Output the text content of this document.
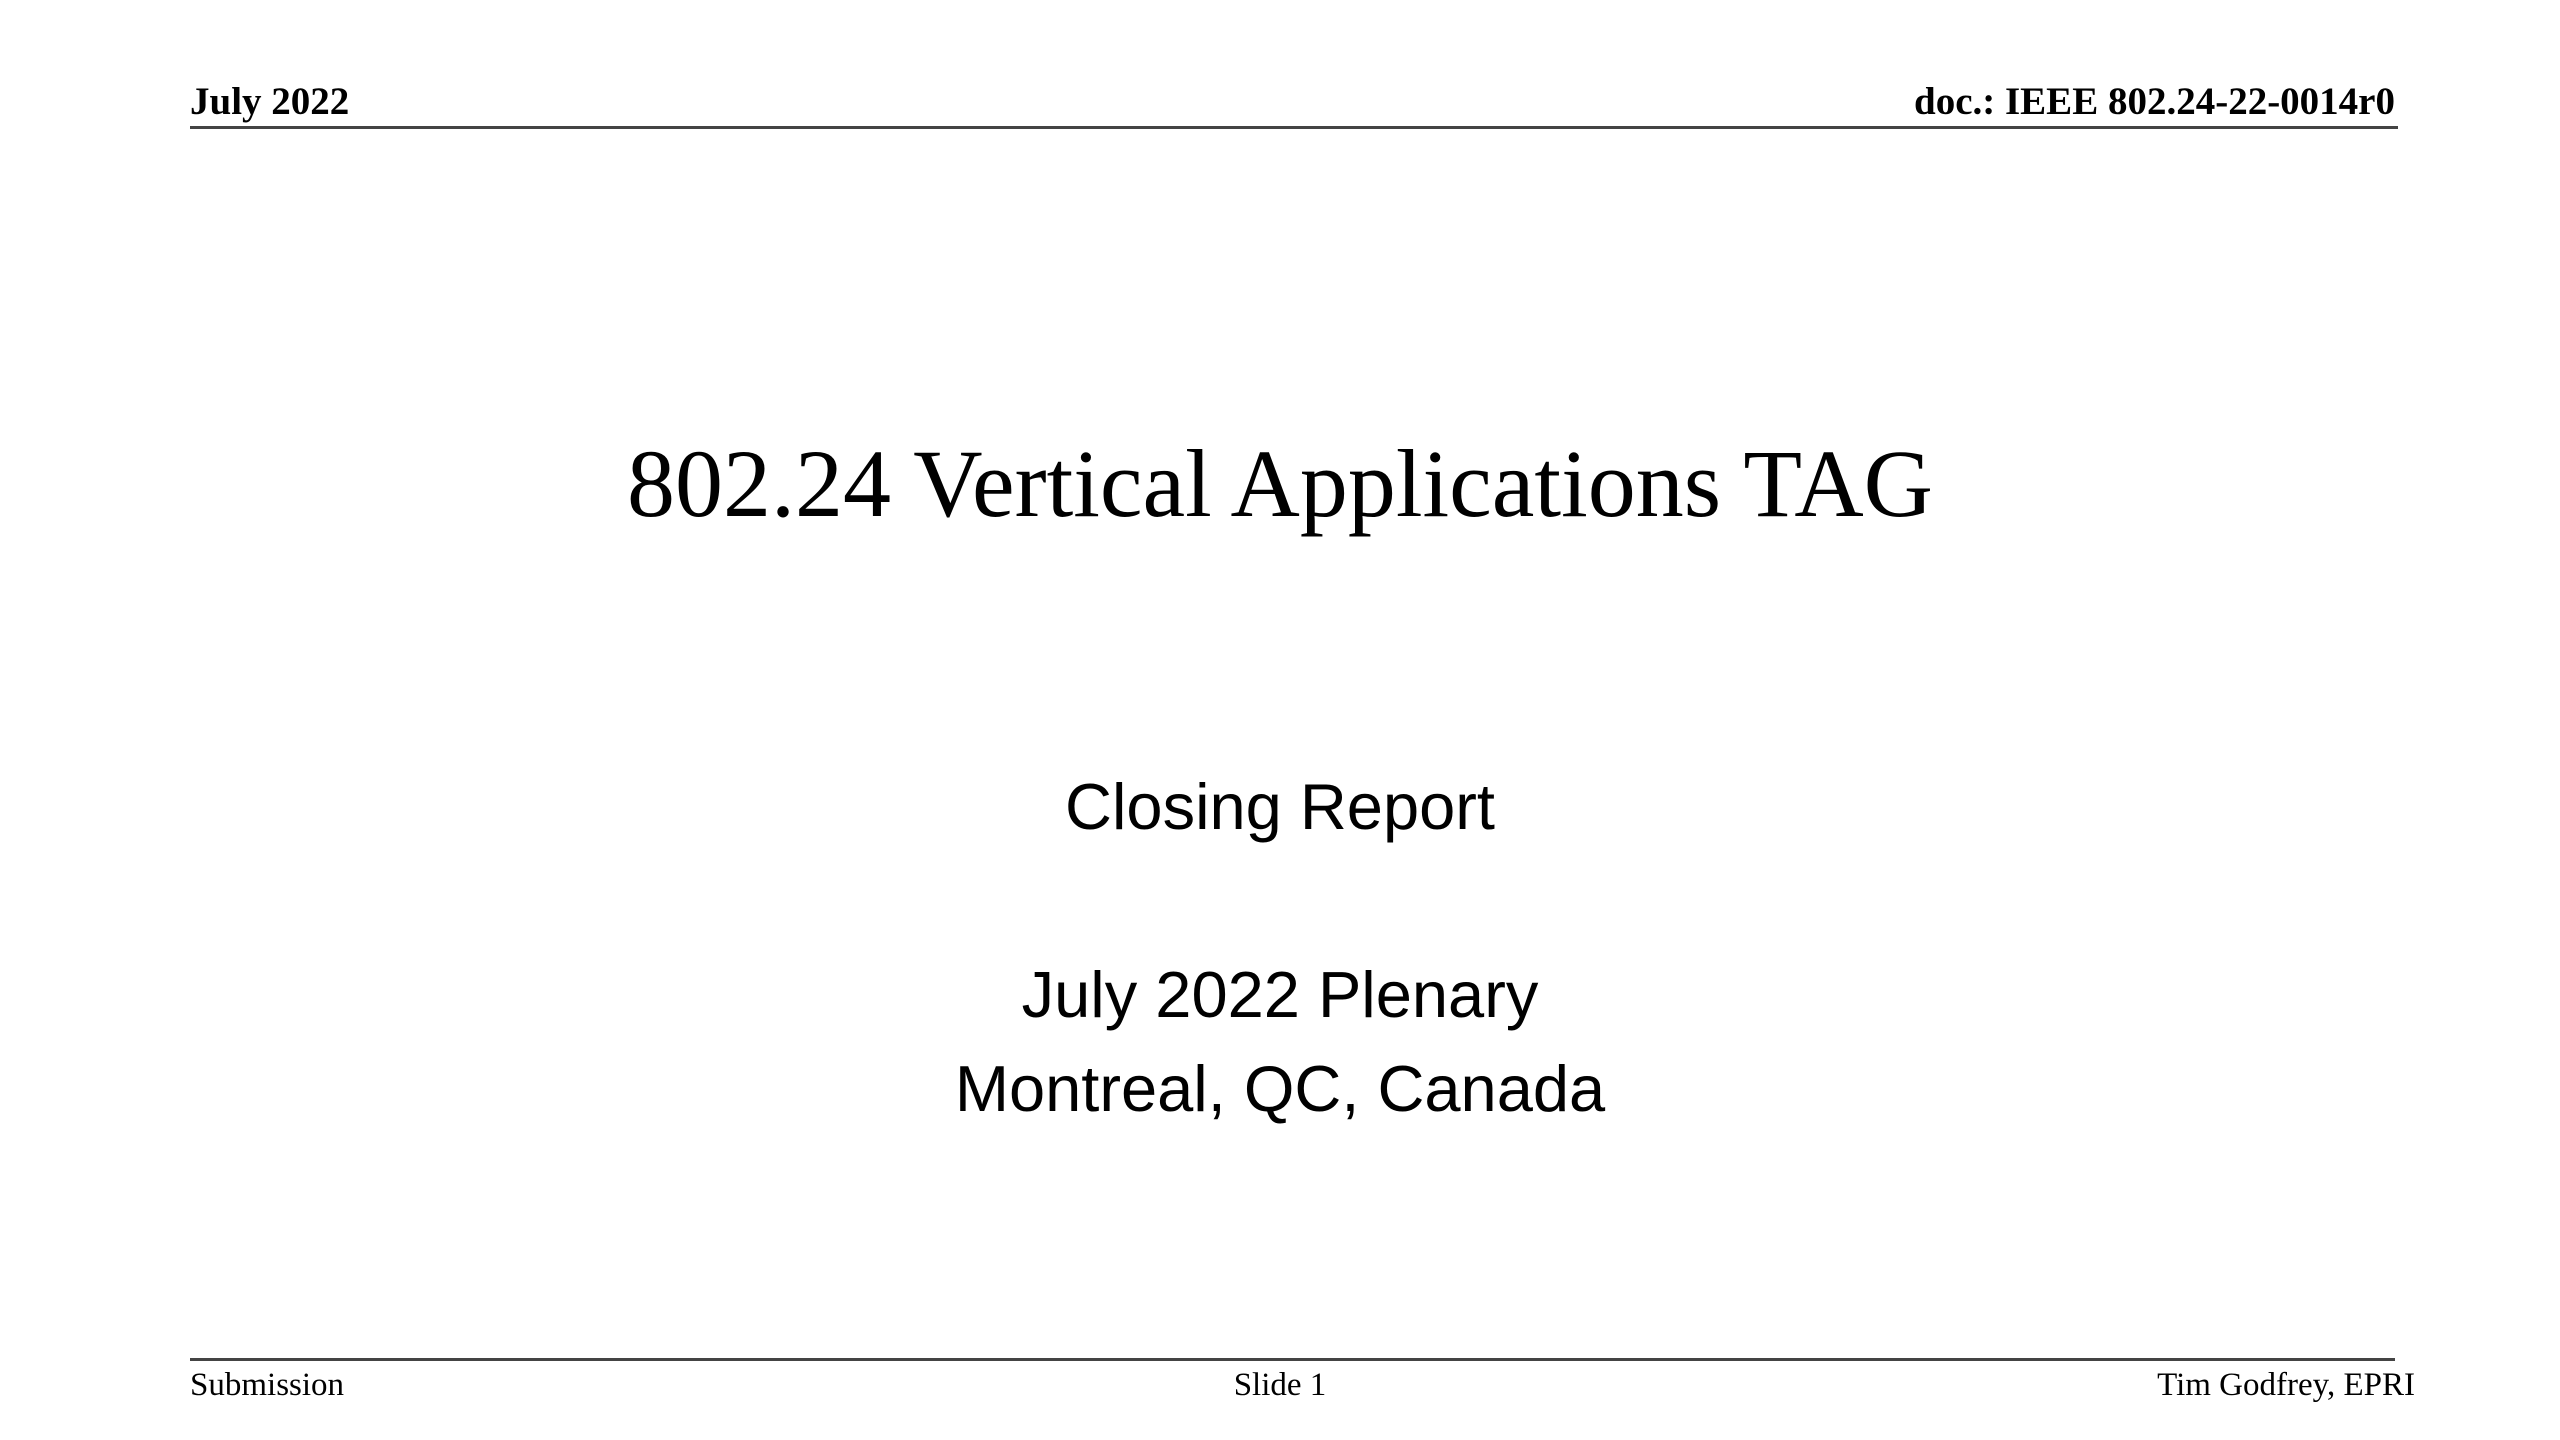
July 2022	doc.: IEEE 802.24-22-0014r0
802.24 Vertical Applications TAG
Closing Report

July 2022 Plenary
Montreal, QC, Canada
Submission	Slide 1	Tim Godfrey, EPRI
